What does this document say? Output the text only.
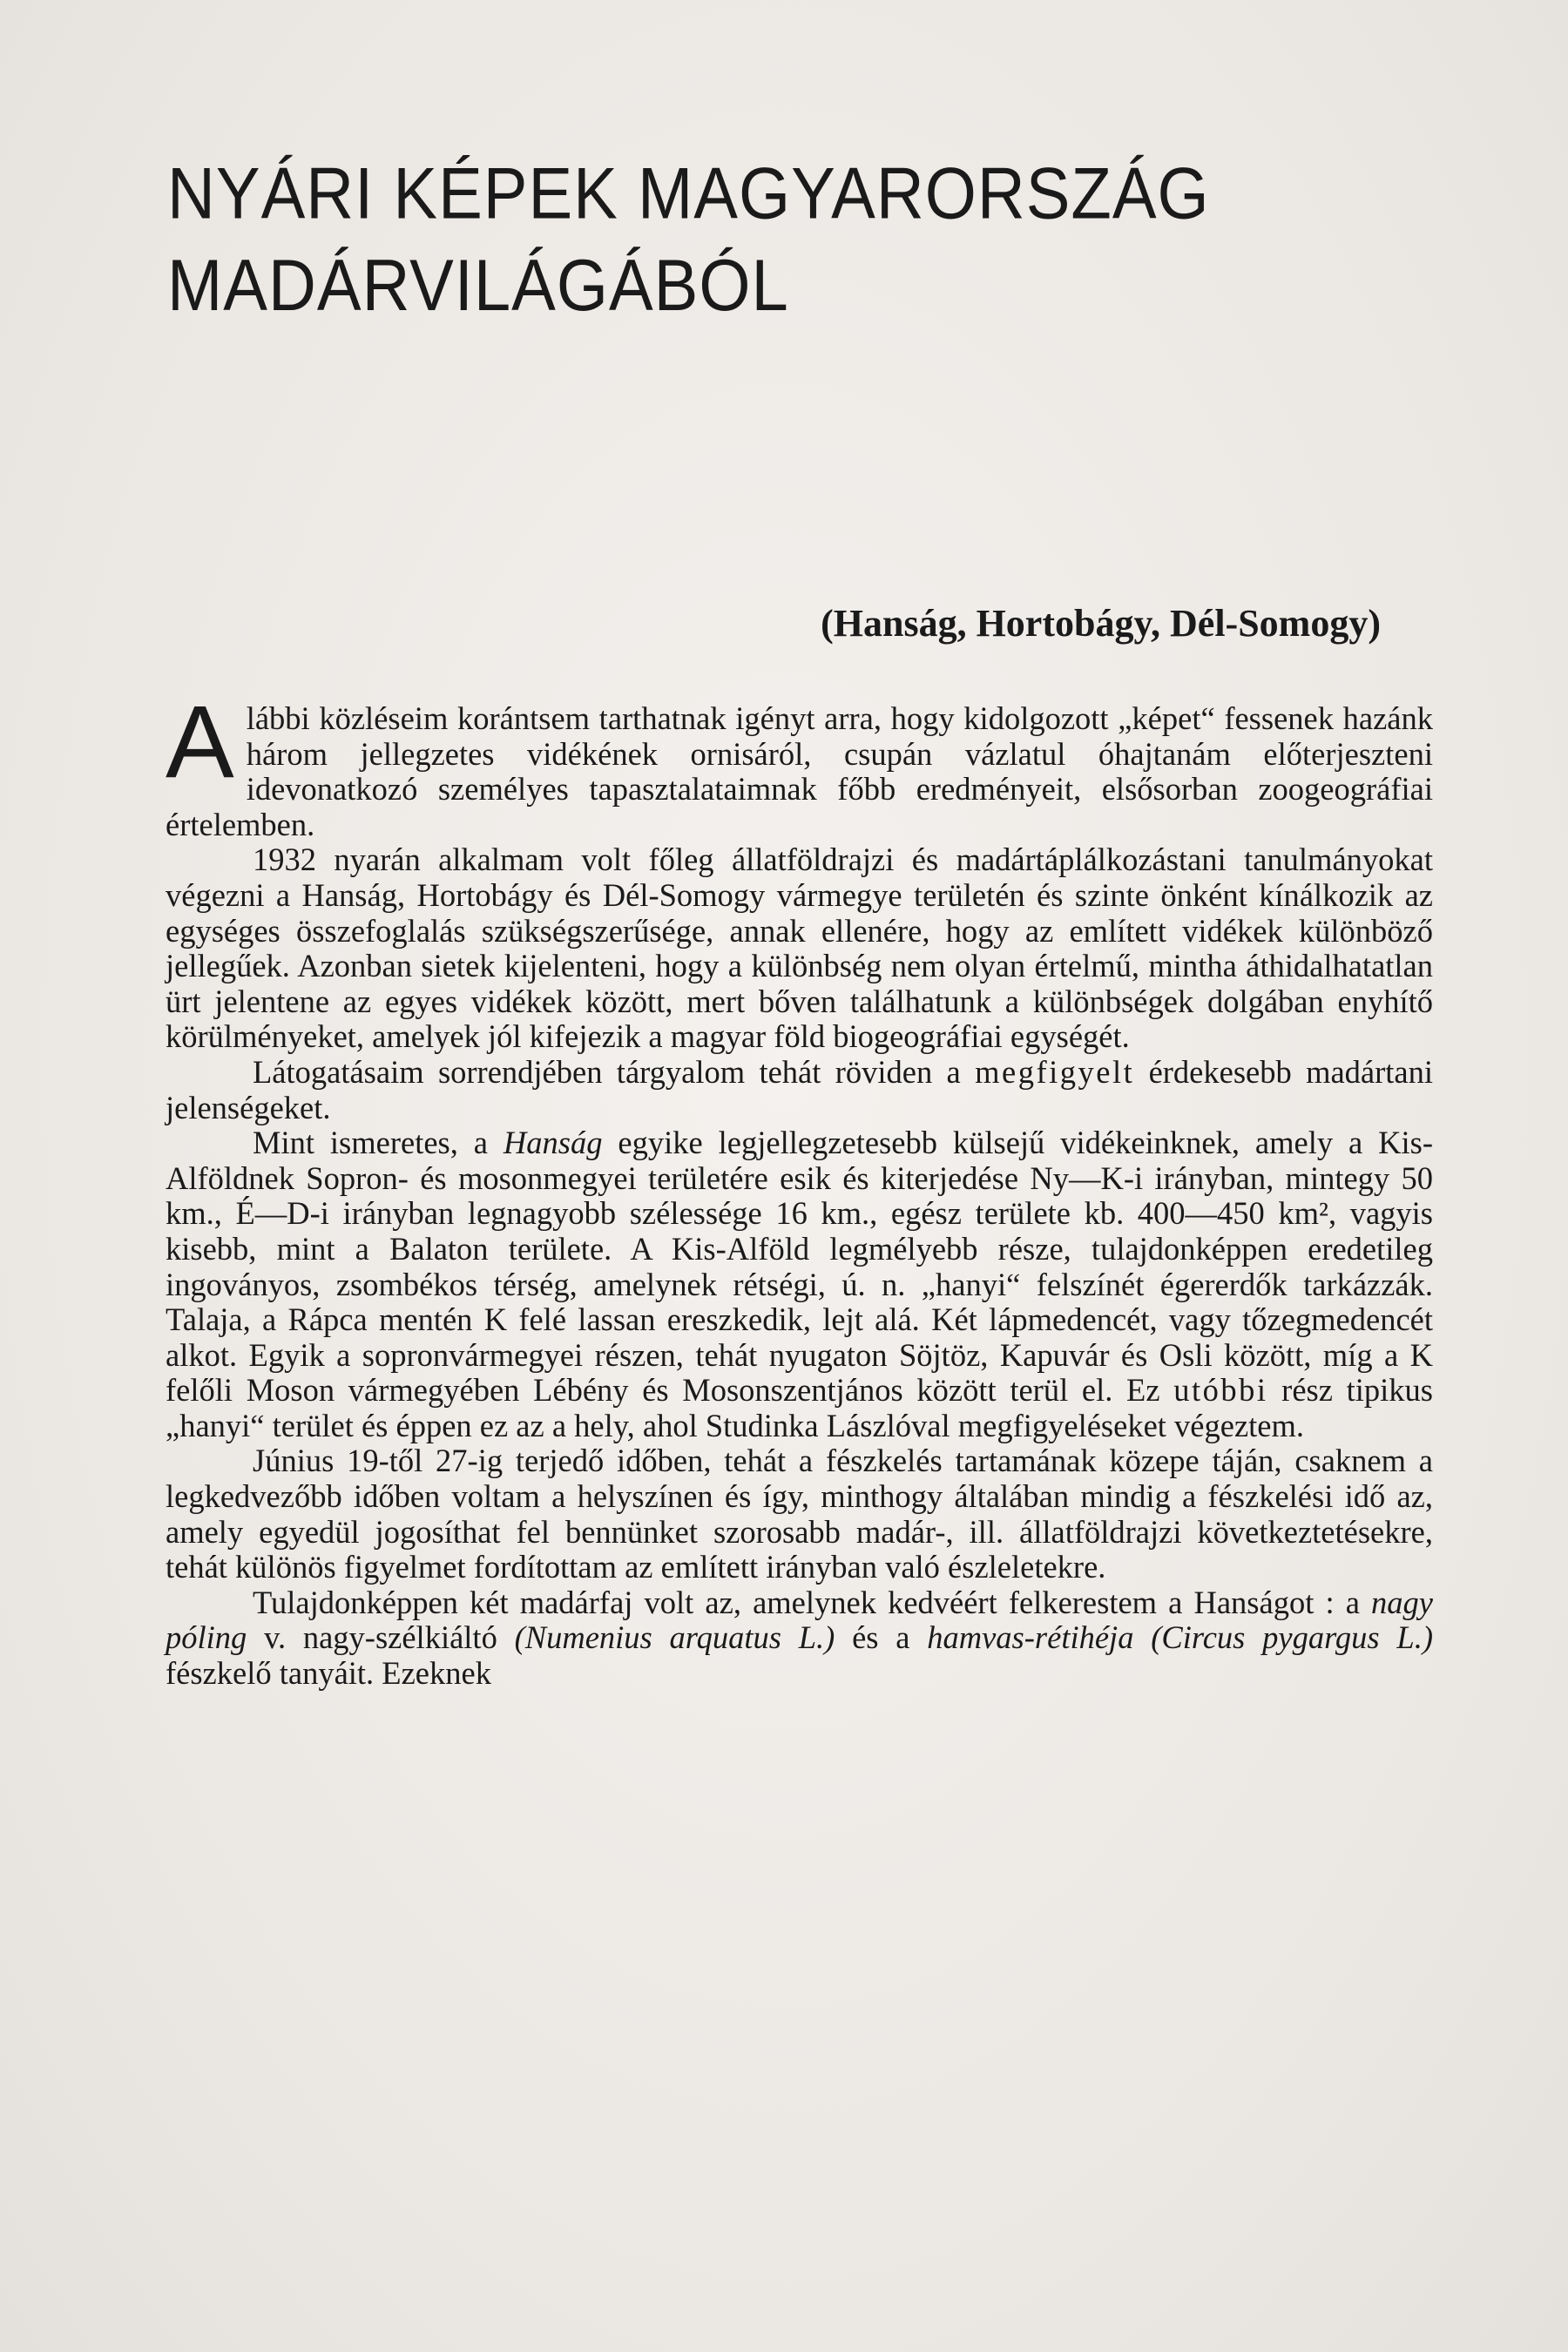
NYÁRI KÉPEK MAGYARORSZÁG
MADÁRVILÁGÁBÓL
(Hanság, Hortobágy, Dél-Somogy)

Alábbi közléseim korántsem tarthatnak igényt arra, hogy kidolgozott „képet“ fessenek hazánk három jellegzetes vidékének ornisáról, csupán vázlatul óhajtanám előterjeszteni idevonatkozó személyes tapasztalataimnak főbb eredményeit, elsősorban zoogeográfiai értelemben.

1932 nyarán alkalmam volt főleg állatföldrajzi és madártáplálkozástani tanulmányokat végezni a Hanság, Hortobágy és Dél-Somogy vármegye területén és szinte önként kínálkozik az egységes összefoglalás szükségszerűsége, annak ellenére, hogy az említett vidékek különböző jellegűek. Azonban sietek kijelenteni, hogy a különbség nem olyan értelmű, mintha áthidalhatatlan ürt jelentene az egyes vidékek között, mert bőven találhatunk a különbségek dolgában enyhítő körülményeket, amelyek jól kifejezik a magyar föld biogeográfiai egységét.

Látogatásaim sorrendjében tárgyalom tehát röviden a megfigyelt érdekesebb madártani jelenségeket.

Mint ismeretes, a Hanság egyike legjellegzetesebb külsejű vidékeinknek, amely a Kis-Alföldnek Sopron- és mosonmegyei területére esik és kiterjedése Ny—K-i irányban, mintegy 50 km., É—D-i irányban legnagyobb szélessége 16 km., egész területe kb. 400—450 km², vagyis kisebb, mint a Balaton területe. A Kis-Alföld legmélyebb része, tulajdonképpen eredetileg ingoványos, zsombékos térség, amelynek rétségi, ú. n. „hanyi“ felszínét égererdők tarkázzák. Talaja, a Rápca mentén K felé lassan ereszkedik, lejt alá. Két lápmedencét, vagy tőzegmedencét alkot. Egyik a sopronvármegyei részen, tehát nyugaton Söjtöz, Kapuvár és Osli között, míg a K felőli Moson vármegyében Lébény és Mosonszentjános között terül el. Ez utóbbi rész tipikus „hanyi“ terület és éppen ez az a hely, ahol Studinka Lászlóval megfigyeléseket végeztem.

Június 19-től 27-ig terjedő időben, tehát a fészkelés tartamának közepe táján, csaknem a legkedvezőbb időben voltam a helyszínen és így, minthogy általában mindig a fészkelési idő az, amely egyedül jogosíthat fel bennünket szorosabb madár-, ill. állatföldrajzi következtetésekre, tehát különös figyelmet fordítottam az említett irányban való észleletekre.

Tulajdonképpen két madárfaj volt az, amelynek kedvéért felkerestem a Hanságot : a nagy póling v. nagy-szélkiáltó (Numenius arquatus L.) és a hamvas-rétihéja (Circus pygargus L.) fészkelő tanyáit. Ezeknek
